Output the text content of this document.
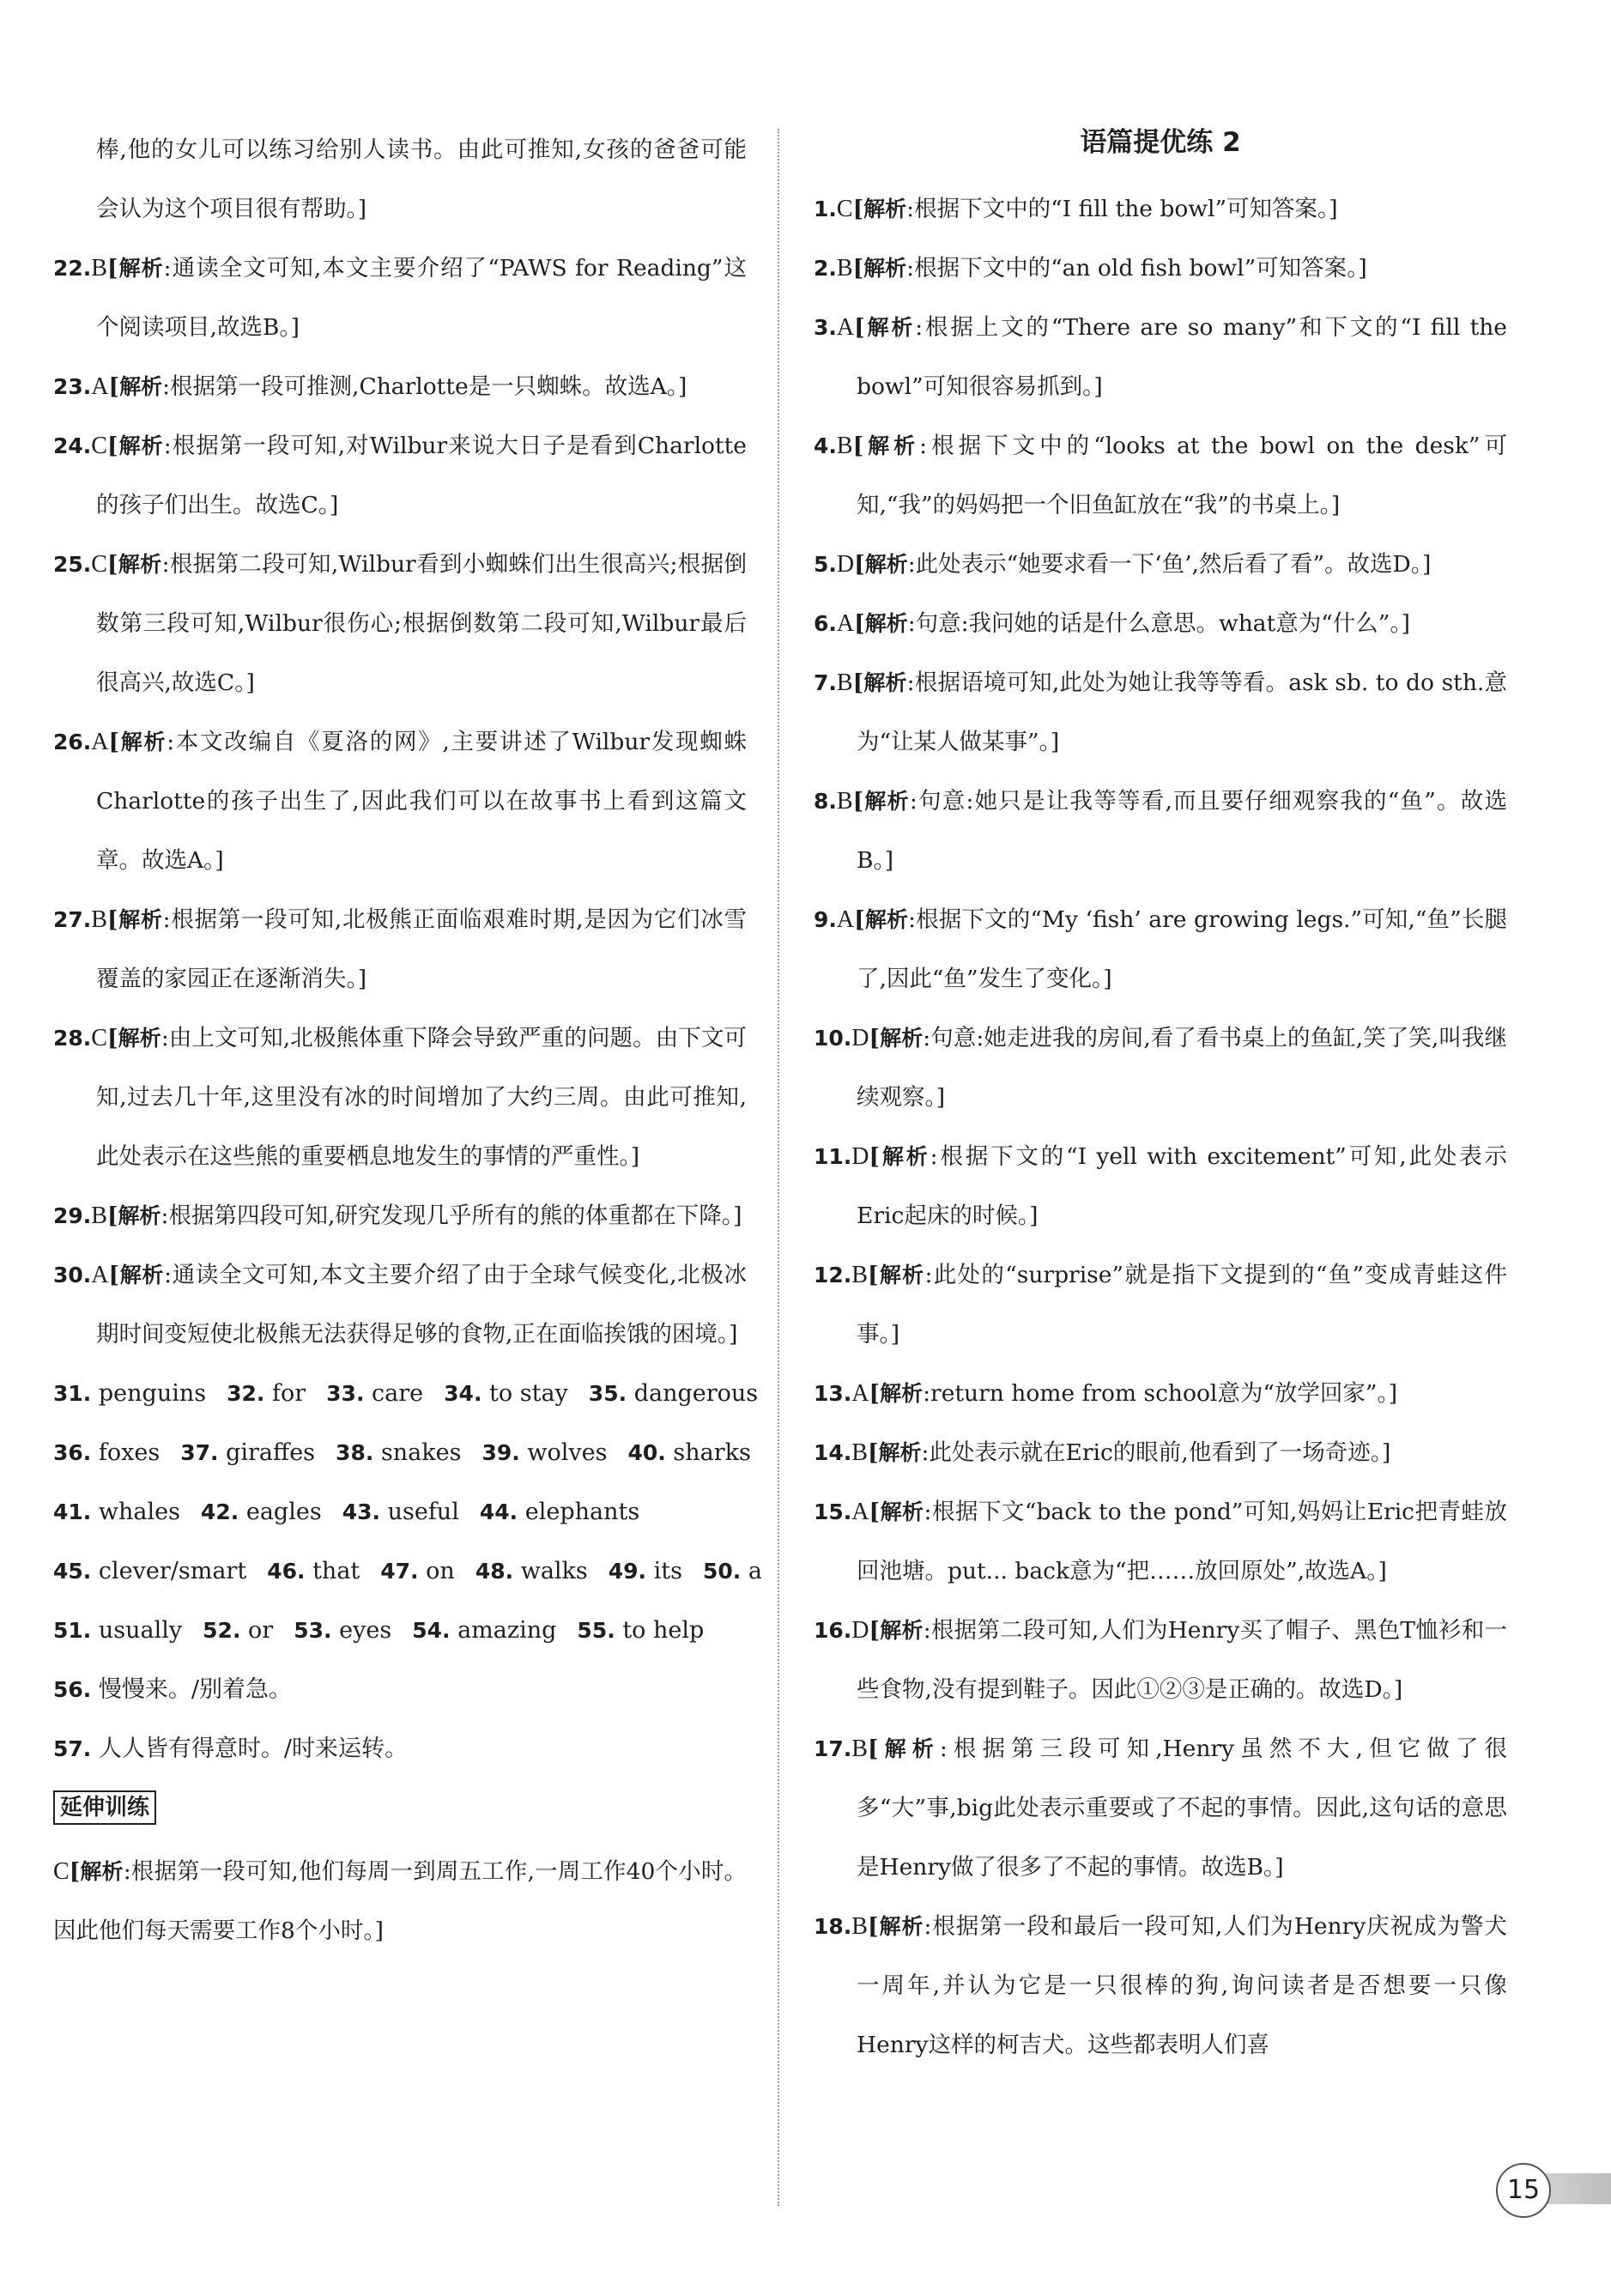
棒,他的女儿可以练习给别人读书。由此可推知,女孩的爸爸可能会认为这个项目很有帮助。]

22.B[解析:通读全文可知,本文主要介绍了“PAWS for Reading”这个阅读项目,故选B。]

23.A[解析:根据第一段可推测,Charlotte是一只蜘蛛。故选A。]

24.C[解析:根据第一段可知,对Wilbur来说大日子是看到Charlotte的孩子们出生。故选C。]

25.C[解析:根据第二段可知,Wilbur看到小蜘蛛们出生很高兴;根据倒数第三段可知,Wilbur很伤心;根据倒数第二段可知,Wilbur最后很高兴,故选C。]

26.A[解析:本文改编自《夏洛的网》,主要讲述了Wilbur发现蜘蛛Charlotte的孩子出生了,因此我们可以在故事书上看到这篇文章。故选A。]

27.B[解析:根据第一段可知,北极熊正面临艰难时期,是因为它们冰雪覆盖的家园正在逐渐消失。]

28.C[解析:由上文可知,北极熊体重下降会导致严重的问题。由下文可知,过去几十年,这里没有冰的时间增加了大约三周。由此可推知,此处表示在这些熊的重要栖息地发生的事情的严重性。]

29.B[解析:根据第四段可知,研究发现几乎所有的熊的体重都在下降。]

30.A[解析:通读全文可知,本文主要介绍了由于全球气候变化,北极冰期时间变短使北极熊无法获得足够的食物,正在面临挨饿的困境。]

31. penguins 32. for 33. care 34. to stay 35. dangerous
36. foxes 37. giraffes 38. snakes 39. wolves 40. sharks
41. whales 42. eagles 43. useful 44. elephants
45. clever/smart 46. that 47. on 48. walks 49. its 50. a
51. usually 52. or 53. eyes 54. amazing 55. to help
56. 慢慢来。/别着急。
57. 人人皆有得意时。/时来运转。
延伸训练

C[解析:根据第一段可知,他们每周一到周五工作,一周工作40个小时。因此他们每天需要工作8个小时。]

语篇提优练 2

1.C[解析:根据下文中的“I fill the bowl”可知答案。]

2.B[解析:根据下文中的“an old fish bowl”可知答案。]

3.A[解析:根据上文的“There are so many”和下文的“I fill the bowl”可知很容易抓到。]

4.B[解析:根据下文中的“looks at the bowl on the desk”可知,“我”的妈妈把一个旧鱼缸放在“我”的书桌上。]

5.D[解析:此处表示“她要求看一下‘鱼’,然后看了看”。故选D。]

6.A[解析:句意:我问她的话是什么意思。what意为“什么”。]

7.B[解析:根据语境可知,此处为她让我等等看。ask sb. to do sth.意为“让某人做某事”。]

8.B[解析:句意:她只是让我等等看,而且要仔细观察我的“鱼”。故选B。]

9.A[解析:根据下文的“My ‘fish’ are growing legs.”可知,“鱼”长腿了,因此“鱼”发生了变化。]

10.D[解析:句意:她走进我的房间,看了看书桌上的鱼缸,笑了笑,叫我继续观察。]

11.D[解析:根据下文的“I yell with excitement”可知,此处表示Eric起床的时候。]

12.B[解析:此处的“surprise”就是指下文提到的“鱼”变成青蛙这件事。]

13.A[解析:return home from school意为“放学回家”。]

14.B[解析:此处表示就在Eric的眼前,他看到了一场奇迹。]

15.A[解析:根据下文“back to the pond”可知,妈妈让Eric把青蛙放回池塘。put... back意为“把……放回原处”,故选A。]

16.D[解析:根据第二段可知,人们为Henry买了帽子、黑色T恤衫和一些食物,没有提到鞋子。因此①②③是正确的。故选D。]

17.B[解析:根据第三段可知,Henry虽然不大,但它做了很多“大”事,big此处表示重要或了不起的事情。因此,这句话的意思是Henry做了很多了不起的事情。故选B。]

18.B[解析:根据第一段和最后一段可知,人们为Henry庆祝成为警犬一周年,并认为它是一只很棒的狗,询问读者是否想要一只像Henry这样的柯吉犬。这些都表明人们喜

15
